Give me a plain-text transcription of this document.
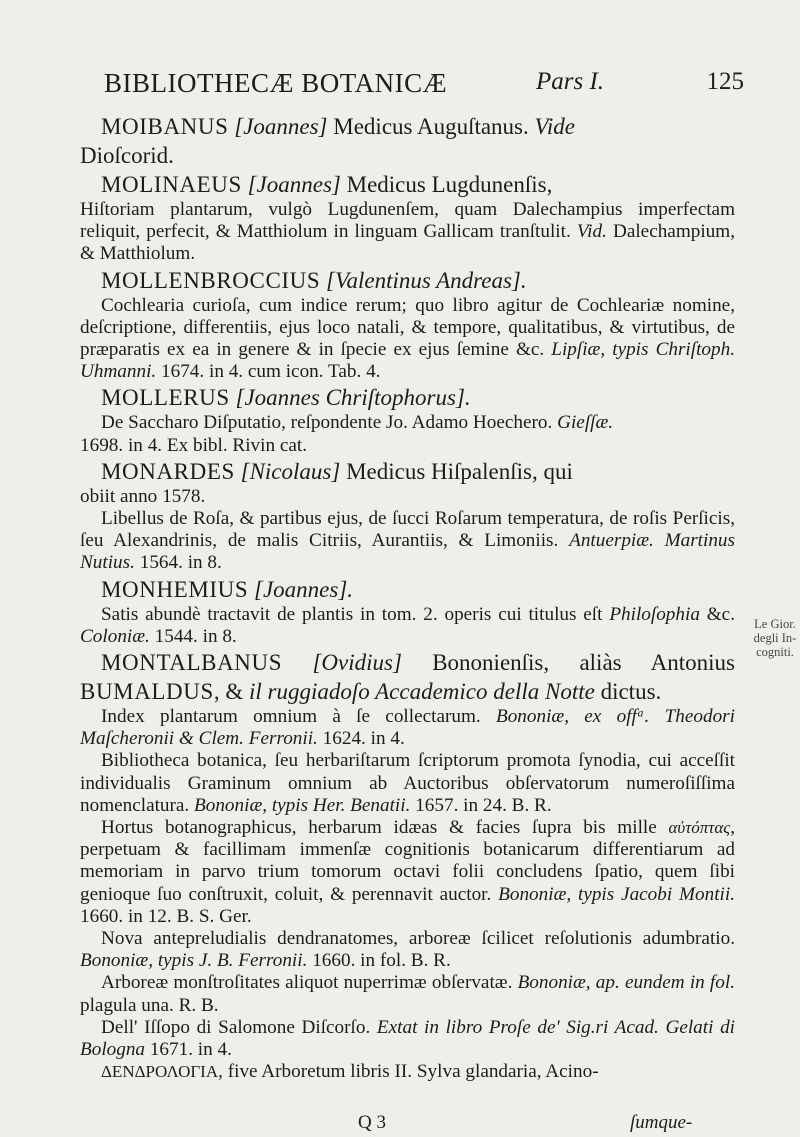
BIBLIOTHECÆ BOTANICÆ	Pars I.	125

MOIBANUS [Joannes] Medicus Auguſtanus. Vide

Dioſcorid.

MOLINAEUS [Joannes] Medicus Lugdunenſis,

Hiſtoriam plantarum, vulgò Lugdunenſem, quam Dalechampius imperfectam reliquit, perfecit, & Matthiolum in linguam Gallicam tranſtulit. Vid. Dalechampium, & Matthiolum.

MOLLENBROCCIUS [Valentinus Andreas].

Cochlearia curioſa, cum indice rerum; quo libro agitur de Cochleariæ nomine, deſcriptione, differentiis, ejus loco natali, & tempore, qualitatibus, & virtutibus, de præparatis ex ea in genere & in ſpecie ex ejus ſemine &c. Lipſiæ, typis Chriſtoph. Uhmanni. 1674. in 4. cum icon. Tab. 4.

MOLLERUS [Joannes Chriſtophorus].

De Saccharo Diſputatio, reſpondente Jo. Adamo Hoechero. Gieſſæ.

1698. in 4. Ex bibl. Rivin cat.

MONARDES [Nicolaus] Medicus Hiſpalenſis, qui

obiit anno 1578.

Libellus de Roſa, & partibus ejus, de ſucci Roſarum temperatura, de roſis Perſicis, ſeu Alexandrinis, de malis Citriis, Aurantiis, & Limoniis. Antuerpiæ. Martinus Nutius. 1564. in 8.

MONHEMIUS [Joannes].

Satis abundè tractavit de plantis in tom. 2. operis cui titulus eſt Philoſophia &c. Coloniæ. 1544. in 8.

MONTALBANUS [Ovidius] Bononienſis, aliàs Antonius BUMALDUS, & il ruggiadoſo Accademico della Notte dictus.

Index plantarum omnium à ſe collectarum. Bononiæ, ex offᵃ. Theodori Maſcheronii & Clem. Ferronii. 1624. in 4.

Bibliotheca botanica, ſeu herbariſtarum ſcriptorum promota ſynodia, cui acceſſit individualis Graminum omnium ab Auctoribus obſervatorum numeroſiſſima nomenclatura. Bononiæ, typis Her. Benatii. 1657. in 24. B. R.

Hortus botanographicus, herbarum idæas & facies ſupra bis mille αὐτόπτας, perpetuam & facillimam immenſæ cognitionis botanicarum differentiarum ad memoriam in parvo trium tomorum octavi folii concludens ſpatio, quem ſibi genioque ſuo conſtruxit, coluit, & perennavit auctor. Bononiæ, typis Jacobi Montii. 1660. in 12. B. S. Ger.

Nova antepreludialis dendranatomes, arboreæ ſcilicet reſolutionis adumbratio. Bononiæ, typis J. B. Ferronii. 1660. in fol. B. R.

Arboreæ monſtroſitates aliquot nuperrimæ obſervatæ. Bononiæ, ap. eundem in fol. plagula una. R. B.

Dell' Iſſopo di Salomone Diſcorſo. Extat in libro Proſe de' Sig.ri Acad. Gelati di Bologna 1671. in 4.

ΔΕΝΔΡΟΛΟΓΙΑ, five Arboretum libris II. Sylva glandaria, Acino-

Le Gior. degli In- cogniti.
Q 3	ſumque-
